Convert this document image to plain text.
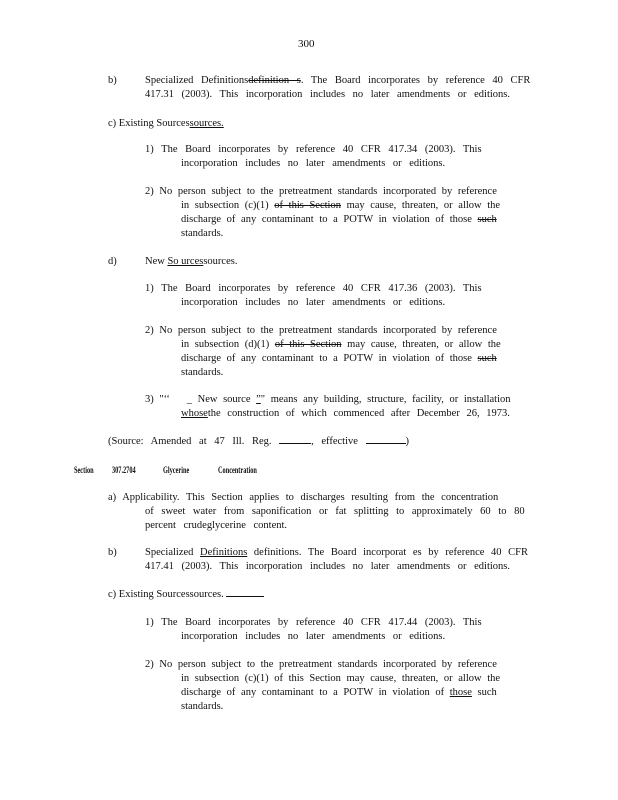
300
b)	Specialized Definitionsdefinition s. The Board incorporates by reference 40 CFR
417.31 (2003). This incorporation includes no later amendments or editions.
c) Existing Sourcessources.
1) The Board incorporates by reference 40 CFR 417.34 (2003). This
incorporation includes no later amendments or editions.
2) No person subject to the pretreatment standards incorporated by reference
in subsection (c)(1) of this Section may cause, threaten, or allow the
discharge of any contaminant to a POTW in violation of those such
standards.
d)	New So urcessources.
1) The Board incorporates by reference 40 CFR 417.36 (2003). This
incorporation includes no later amendments or editions.
2) No person subject to the pretreatment standards incorporated by reference
in subsection (d)(1) of this Section may cause, threaten, or allow the
discharge of any contaminant to a POTW in violation of those such
standards.
3) "‘‘ _ New source ”" means any building, structure, facility, or installation
whosethe construction of which commenced after December 26, 1973.
(Source: Amended at 47 Ill. Reg.	, effective	)
Section 307.2704	Glycerine	Concentration
a) Applicability. This Section applies to discharges resulting from the concentration
of sweet water from saponification or fat splitting to approximately 60 to 80
percent crudeglycerine content.
b)	Specialized Definitions definitions. The Board incorporat es by reference 40 CFR
417.41 (2003). This incorporation includes no later amendments or editions.
c) Existing Sourcessources.
1) The Board incorporates by reference 40 CFR 417.44 (2003). This
incorporation includes no later amendments or editions.
2) No person subject to the pretreatment standards incorporated by reference
in subsection (c)(1) of this Section may cause, threaten, or allow the
discharge of any contaminant to a POTW in violation of those such
standards.
